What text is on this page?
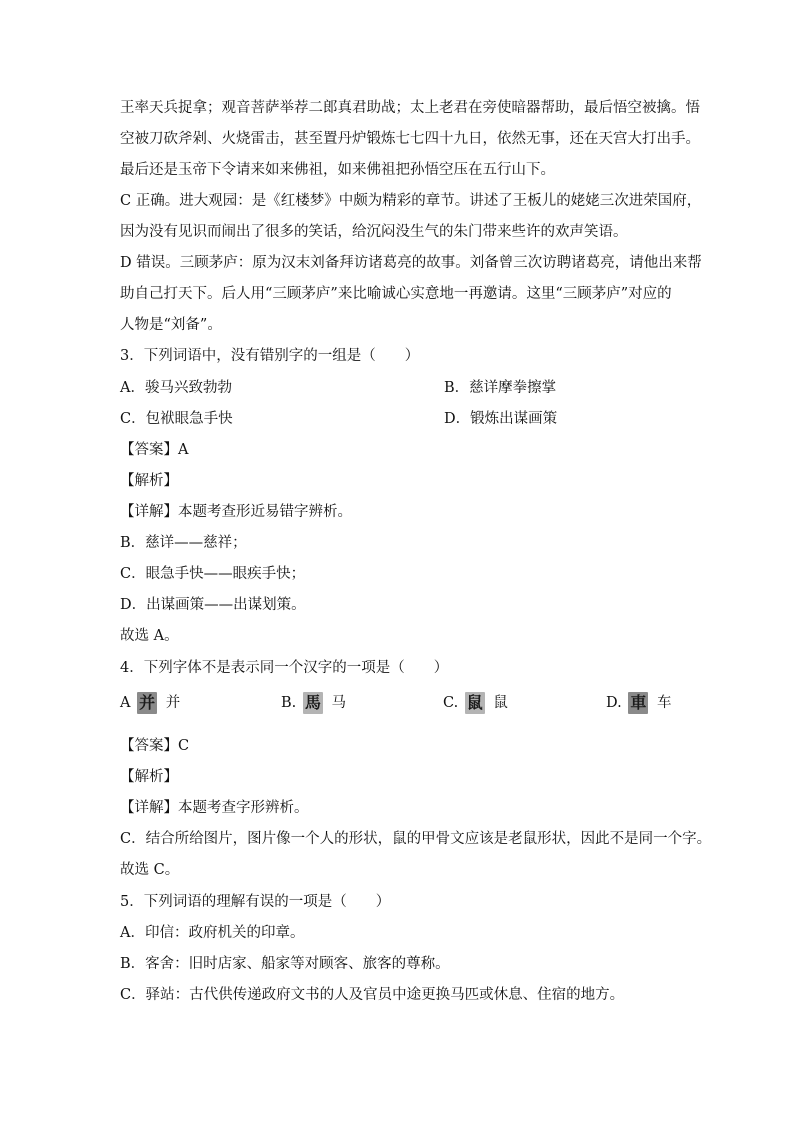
王率天兵捉拿；观音菩萨举荐二郎真君助战；太上老君在旁使暗器帮助，最后悟空被擒。悟
空被刀砍斧剁、火烧雷击，甚至置丹炉锻炼七七四十九日，依然无事，还在天宫大打出手。
最后还是玉帝下令请来如来佛祖，如来佛祖把孙悟空压在五行山下。
C 正确。进大观园：是《红楼梦》中颇为精彩的章节。讲述了王板儿的姥姥三次进荣国府，
因为没有见识而闹出了很多的笑话，给沉闷没生气的朱门带来些许的欢声笑语。
D 错误。三顾茅庐：原为汉末刘备拜访诸葛亮的故事。刘备曾三次访聘诸葛亮，请他出来帮
助自己打天下。后人用“三顾茅庐”来比喻诚心实意地一再邀请。这里“三顾茅庐”对应的
人物是“刘备”。
3．下列词语中，没有错别字的一组是（　　）
A．骏马兴致勃勃	B．慈详摩拳擦掌
C．包袱眼急手快	D．锻炼出谋画策
【答案】A
【解析】
【详解】本题考查形近易错字辨析。
B．慈详——慈祥；
C．眼急手快——眼疾手快；
D．出谋画策——出谋划策。
故选 A。
4．下列字体不是表示同一个汉字的一项是（　　）
A 并 并	B. 馬 马	C. 鼠 鼠	D. 車 车
【答案】C
【解析】
【详解】本题考查字形辨析。
C．结合所给图片，图片像一个人的形状，鼠的甲骨文应该是老鼠形状，因此不是同一个字。
故选 C。
5．下列词语的理解有误的一项是（　　）
A．印信：政府机关的印章。
B．客舍：旧时店家、船家等对顾客、旅客的尊称。
C．驿站：古代供传递政府文书的人及官员中途更换马匹或休息、住宿的地方。
